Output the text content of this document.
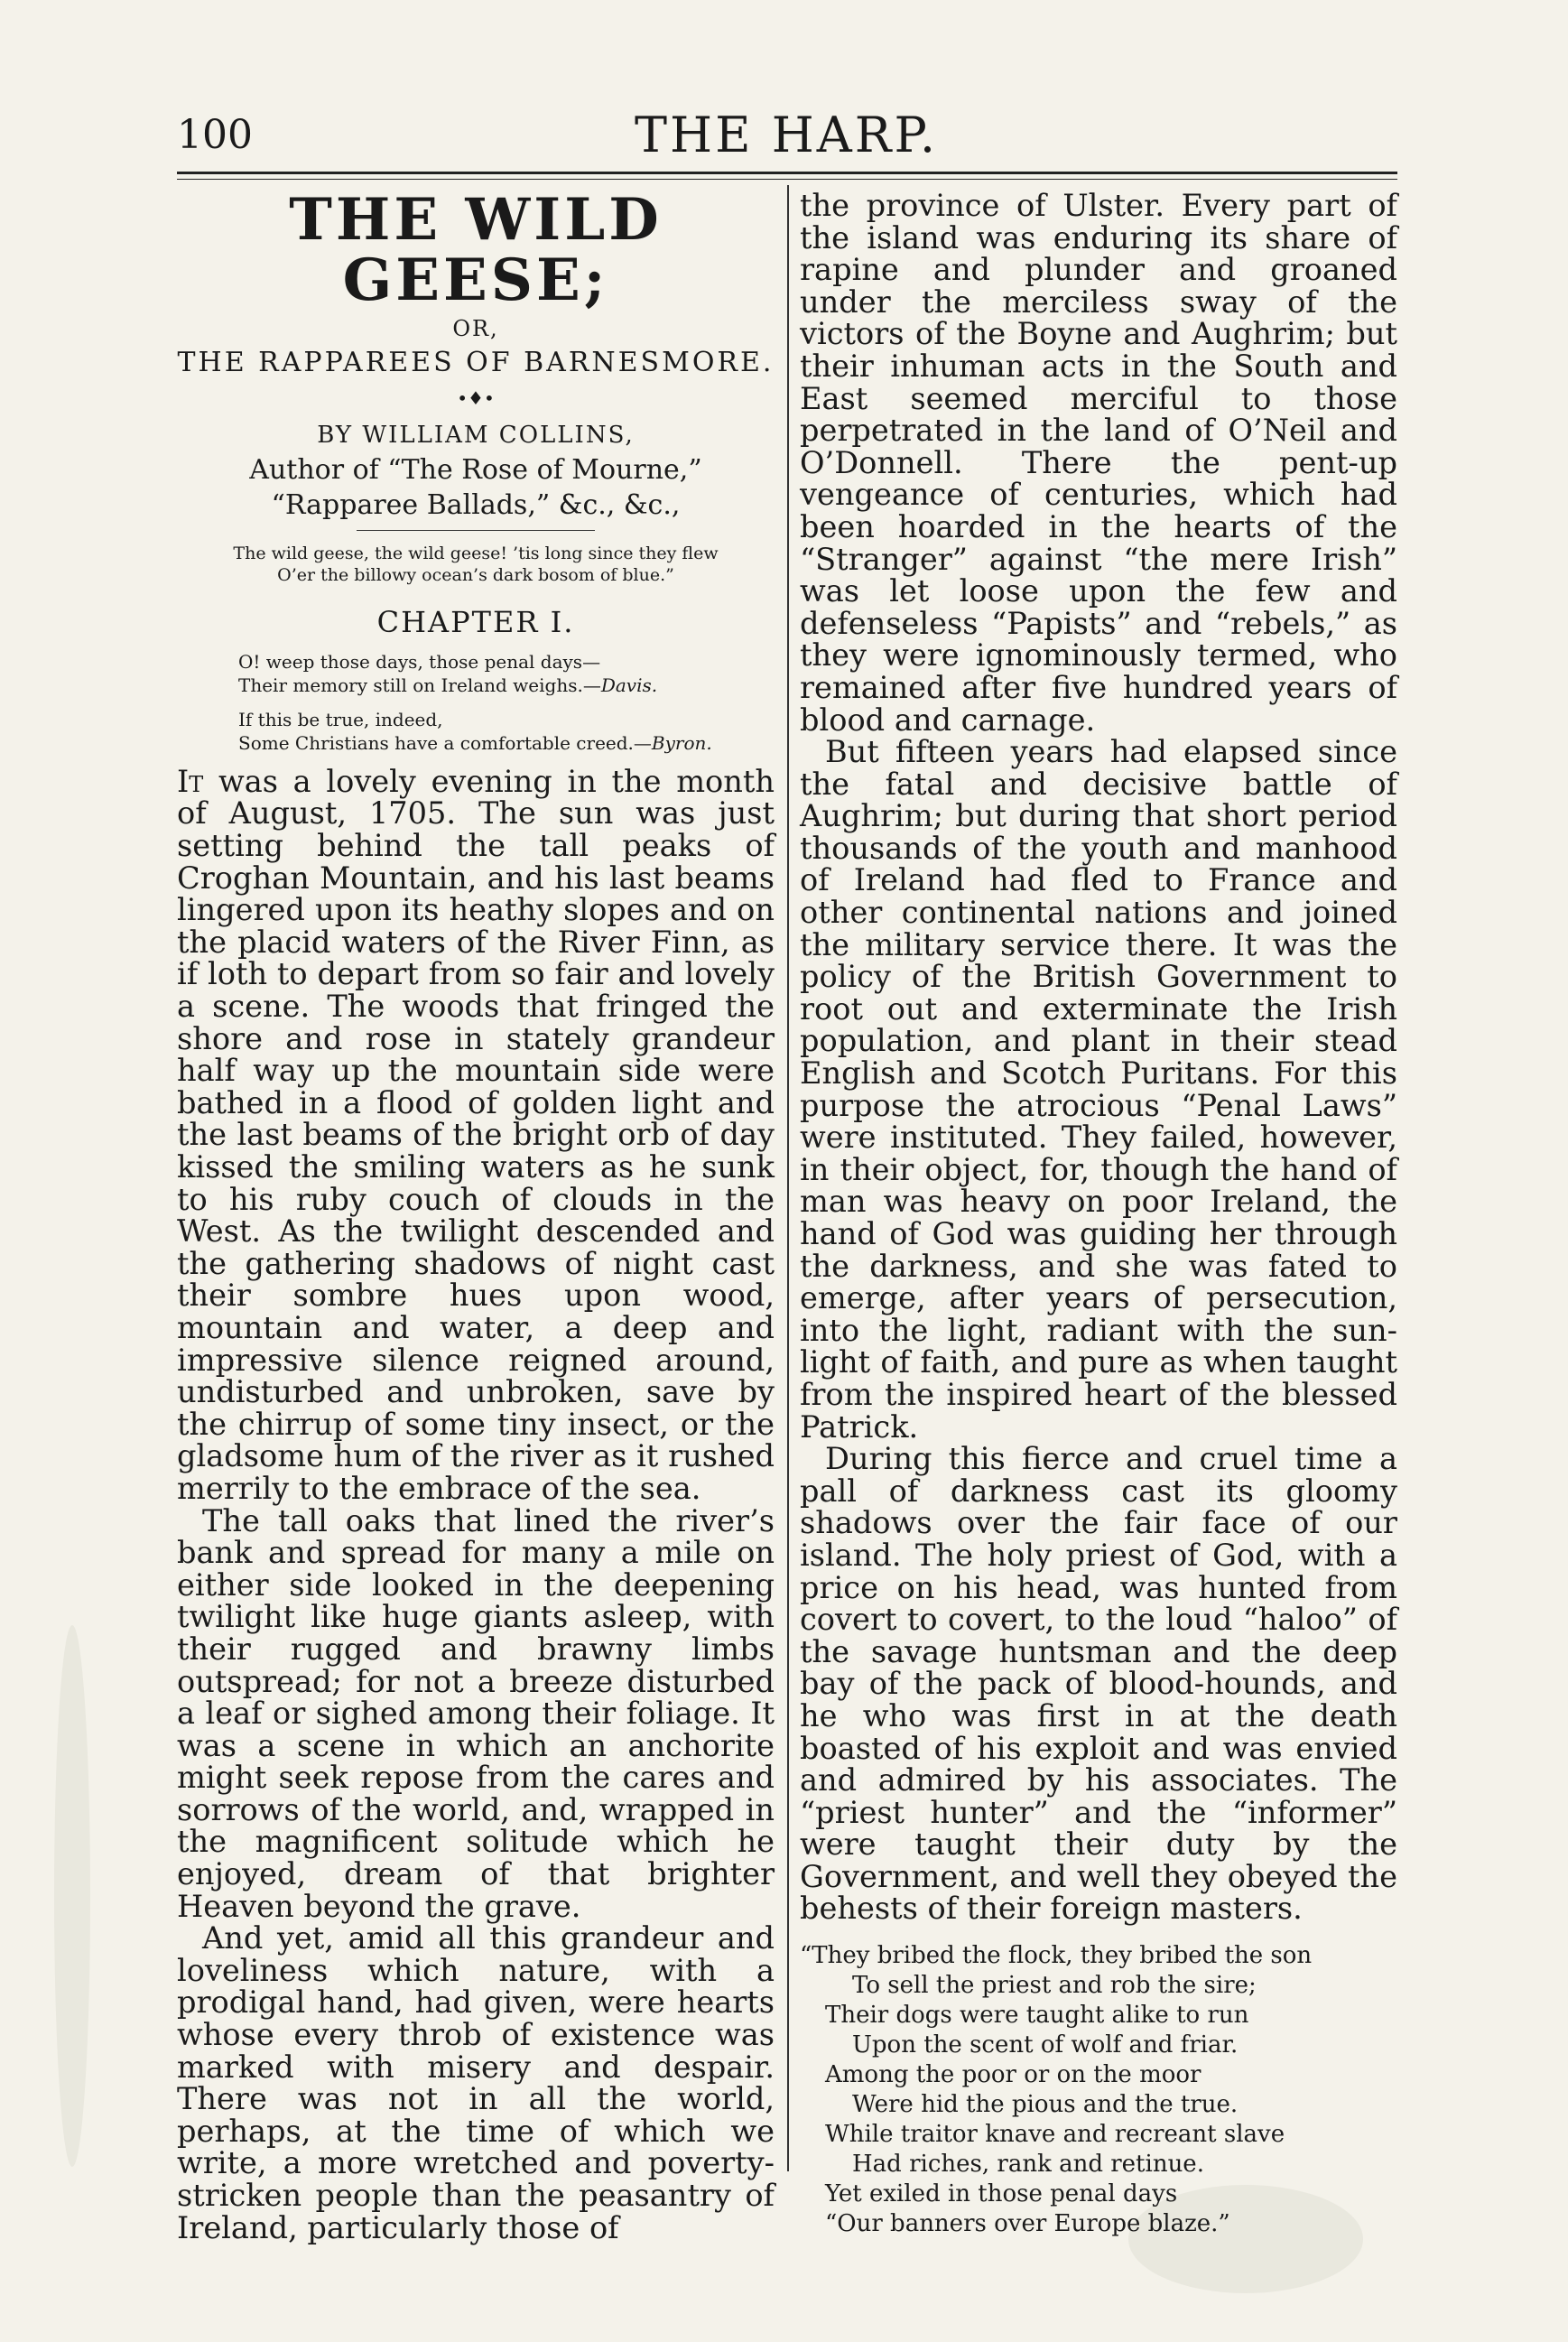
100	THE HARP.
THE WILD GEESE;
OR,
THE RAPPAREES OF BARNESMORE.
•♦•
BY WILLIAM COLLINS,
Author of “The Rose of Mourne,” “Rapparee Ballads,” &c., &c.,
The wild geese, the wild geese! ’tis long since they flew
O’er the billowy ocean’s dark bosom of blue.”
CHAPTER I.
O! weep those days, those penal days—
Their memory still on Ireland weighs.—Davis.
If this be true, indeed,
Some Christians have a comfortable creed.—Byron.

It was a lovely evening in the month of August, 1705. The sun was just setting behind the tall peaks of Croghan Mountain, and his last beams lingered upon its heathy slopes and on the placid waters of the River Finn, as if loth to depart from so fair and lovely a scene. The woods that fringed the shore and rose in stately grandeur half way up the mountain side were bathed in a flood of golden light and the last beams of the bright orb of day kissed the smiling waters as he sunk to his ruby couch of clouds in the West. As the twilight descended and the gathering shadows of night cast their sombre hues upon wood, mountain and water, a deep and impressive silence reigned around, undisturbed and unbroken, save by the chirrup of some tiny insect, or the gladsome hum of the river as it rushed merrily to the embrace of the sea.

The tall oaks that lined the river’s bank and spread for many a mile on either side looked in the deepening twilight like huge giants asleep, with their rugged and brawny limbs outspread; for not a breeze disturbed a leaf or sighed among their foliage. It was a scene in which an anchorite might seek repose from the cares and sorrows of the world, and, wrapped in the magnificent solitude which he enjoyed, dream of that brighter Heaven beyond the grave.

And yet, amid all this grandeur and loveliness which nature, with a prodigal hand, had given, were hearts whose every throb of existence was marked with misery and despair. There was not in all the world, perhaps, at the time of which we write, a more wretched and poverty-stricken people than the peasantry of Ireland, particularly those of

the province of Ulster. Every part of the island was enduring its share of rapine and plunder and groaned under the merciless sway of the victors of the Boyne and Aughrim; but their inhuman acts in the South and East seemed merciful to those perpetrated in the land of O’Neil and O’Donnell. There the pent-up vengeance of centuries, which had been hoarded in the hearts of the “Stranger” against “the mere Irish” was let loose upon the few and defenseless “Papists” and “rebels,” as they were ignominously termed, who remained after five hundred years of blood and carnage.

But fifteen years had elapsed since the fatal and decisive battle of Aughrim; but during that short period thousands of the youth and manhood of Ireland had fled to France and other continental nations and joined the military service there. It was the policy of the British Government to root out and exterminate the Irish population, and plant in their stead English and Scotch Puritans. For this purpose the atrocious “Penal Laws” were instituted. They failed, however, in their object, for, though the hand of man was heavy on poor Ireland, the hand of God was guiding her through the darkness, and she was fated to emerge, after years of persecution, into the light, radiant with the sun-light of faith, and pure as when taught from the inspired heart of the blessed Patrick.

During this fierce and cruel time a pall of darkness cast its gloomy shadows over the fair face of our island. The holy priest of God, with a price on his head, was hunted from covert to covert, to the loud “haloo” of the savage huntsman and the deep bay of the pack of blood-hounds, and he who was first in at the death boasted of his exploit and was envied and admired by his associates. The “priest hunter” and the “informer” were taught their duty by the Government, and well they obeyed the behests of their foreign masters.

“They bribed the flock, they bribed the son
To sell the priest and rob the sire;
Their dogs were taught alike to run
Upon the scent of wolf and friar.
Among the poor or on the moor
Were hid the pious and the true.
While traitor knave and recreant slave
Had riches, rank and retinue.
Yet exiled in those penal days
“Our banners over Europe blaze.”
